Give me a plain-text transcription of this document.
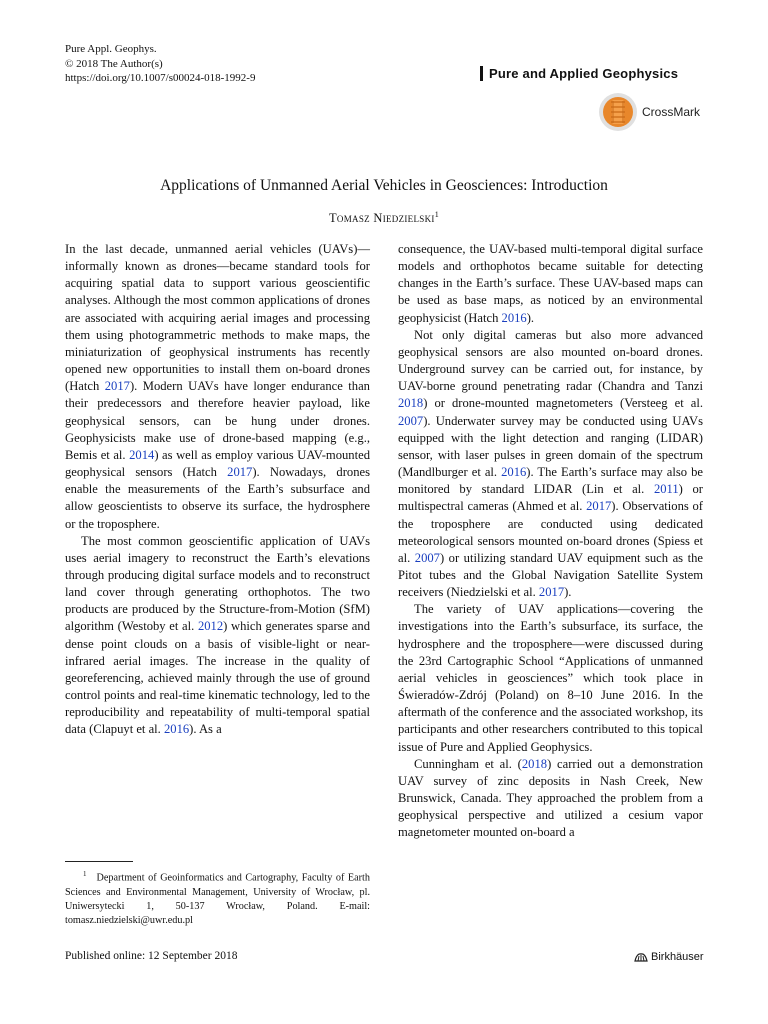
Pure Appl. Geophys.
© 2018 The Author(s)
https://doi.org/10.1007/s00024-018-1992-9	Pure and Applied Geophysics
CrossMark
Applications of Unmanned Aerial Vehicles in Geosciences: Introduction
Tomasz Niedzielski$^1$

In the last decade, unmanned aerial vehicles (UAVs)—informally known as drones—became standard tools for acquiring spatial data to support various geoscientific analyses. Although the most common applications of drones are associated with acquiring aerial images and processing them using photogrammetric methods to make maps, the miniaturization of geophysical instruments has recently opened new opportunities to install them on-board drones (Hatch 2017). Modern UAVs have longer endurance than their predecessors and therefore heavier payload, like geophysical sensors, can be hung under drones. Geophysicists make use of drone-based mapping (e.g., Bemis et al. 2014) as well as employ various UAV-mounted geophysical sensors (Hatch 2017). Nowadays, drones enable the measurements of the Earth’s subsurface and allow geoscientists to observe its surface, the hydrosphere or the troposphere.

The most common geoscientific application of UAVs uses aerial imagery to reconstruct the Earth’s elevations through producing digital surface models and to reconstruct land cover through generating orthophotos. The two products are produced by the Structure-from-Motion (SfM) algorithm (Westoby et al. 2012) which generates sparse and dense point clouds on a basis of visible-light or near-infrared aerial images. The increase in the quality of georeferencing, achieved mainly through the use of ground control points and real-time kinematic technology, led to the reproducibility and repeatability of multi-temporal spatial data (Clapuyt et al. 2016). As a

consequence, the UAV-based multi-temporal digital surface models and orthophotos became suitable for detecting changes in the Earth’s surface. These UAV-based maps can be used as base maps, as noticed by an environmental geophysicist (Hatch 2016).

Not only digital cameras but also more advanced geophysical sensors are also mounted on-board drones. Underground survey can be carried out, for instance, by UAV-borne ground penetrating radar (Chandra and Tanzi 2018) or drone-mounted magnetometers (Versteeg et al. 2007). Underwater survey may be conducted using UAVs equipped with the light detection and ranging (LIDAR) sensor, with laser pulses in green domain of the spectrum (Mandlburger et al. 2016). The Earth’s surface may also be monitored by standard LIDAR (Lin et al. 2011) or multispectral cameras (Ahmed et al. 2017). Observations of the troposphere are conducted using dedicated meteorological sensors mounted on-board drones (Spiess et al. 2007) or utilizing standard UAV equipment such as the Pitot tubes and the Global Navigation Satellite System receivers (Niedzielski et al. 2017).

The variety of UAV applications—covering the investigations into the Earth’s subsurface, its surface, the hydrosphere and the troposphere—were discussed during the 23rd Cartographic School “Applications of unmanned aerial vehicles in geosciences” which took place in Świeradów-Zdrój (Poland) on 8–10 June 2016. In the aftermath of the conference and the associated workshop, its participants and other researchers contributed to this topical issue of Pure and Applied Geophysics.

Cunningham et al. (2018) carried out a demonstration UAV survey of zinc deposits in Nash Creek, New Brunswick, Canada. They approached the problem from a geophysical perspective and utilized a cesium vapor magnetometer mounted on-board a

$^1$ Department of Geoinformatics and Cartography, Faculty of Earth Sciences and Environmental Management, University of Wrocław, pl. Uniwersytecki 1, 50-137 Wrocław, Poland. E-mail: tomasz.niedzielski@uwr.edu.pl
Published online: 12 September 2018	Birkhäuser
